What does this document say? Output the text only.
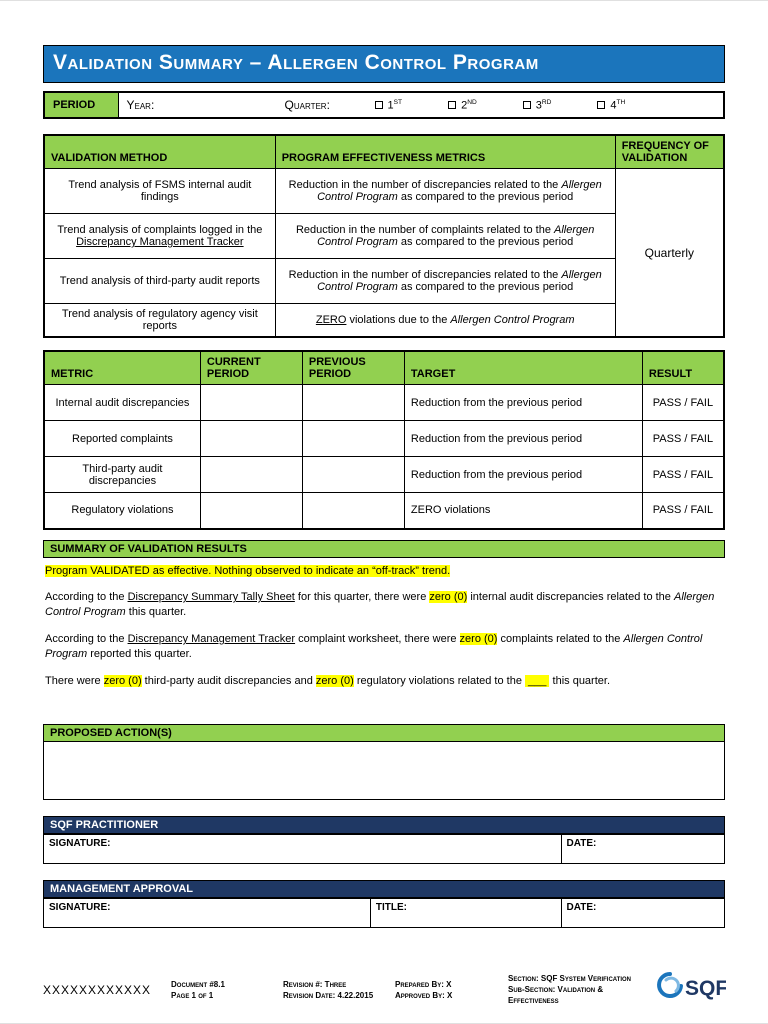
Validation Summary – Allergen Control Program
PERIOD	Year:	Quarter:	1ST	2ND	3RD	4TH
VALIDATION METHOD	PROGRAM EFFECTIVENESS METRICS	FREQUENCY OF VALIDATION
Trend analysis of FSMS internal audit findings	Reduction in the number of discrepancies related to the Allergen Control Program as compared to the previous period	Quarterly
Trend analysis of complaints logged in the Discrepancy Management Tracker	Reduction in the number of complaints related to the Allergen Control Program as compared to the previous period	
Trend analysis of third-party audit reports	Reduction in the number of discrepancies related to the Allergen Control Program as compared to the previous period	
Trend analysis of regulatory agency visit reports	ZERO violations due to the Allergen Control Program	
METRIC	CURRENT PERIOD	PREVIOUS PERIOD	TARGET	RESULT
Internal audit discrepancies			Reduction from the previous period	PASS / FAIL
Reported complaints			Reduction from the previous period	PASS / FAIL
Third-party audit discrepancies			Reduction from the previous period	PASS / FAIL
Regulatory violations			ZERO violations	PASS / FAIL
SUMMARY OF VALIDATION RESULTS

Program VALIDATED as effective. Nothing observed to indicate an “off-track” trend.

According to the Discrepancy Summary Tally Sheet for this quarter, there were zero (0) internal audit discrepancies related to the Allergen Control Program this quarter.

According to the Discrepancy Management Tracker complaint worksheet, there were zero (0) complaints related to the Allergen Control Program reported this quarter.

There were zero (0) third-party audit discrepancies and zero (0) regulatory violations related to the  ___  this quarter.

PROPOSED ACTION(S)
SQF PRACTITIONER
SIGNATURE:	DATE:
MANAGEMENT APPROVAL
SIGNATURE:	TITLE:	DATE:
XXXXXXXXXXXX	Document #8.1
Page 1 of 1
Revision #: Three
Revision Date: 4.22.2015
Prepared By: X
Approved By: X
Section: SQF System Verification
Sub-Section: Validation & Effectiveness
SQF
